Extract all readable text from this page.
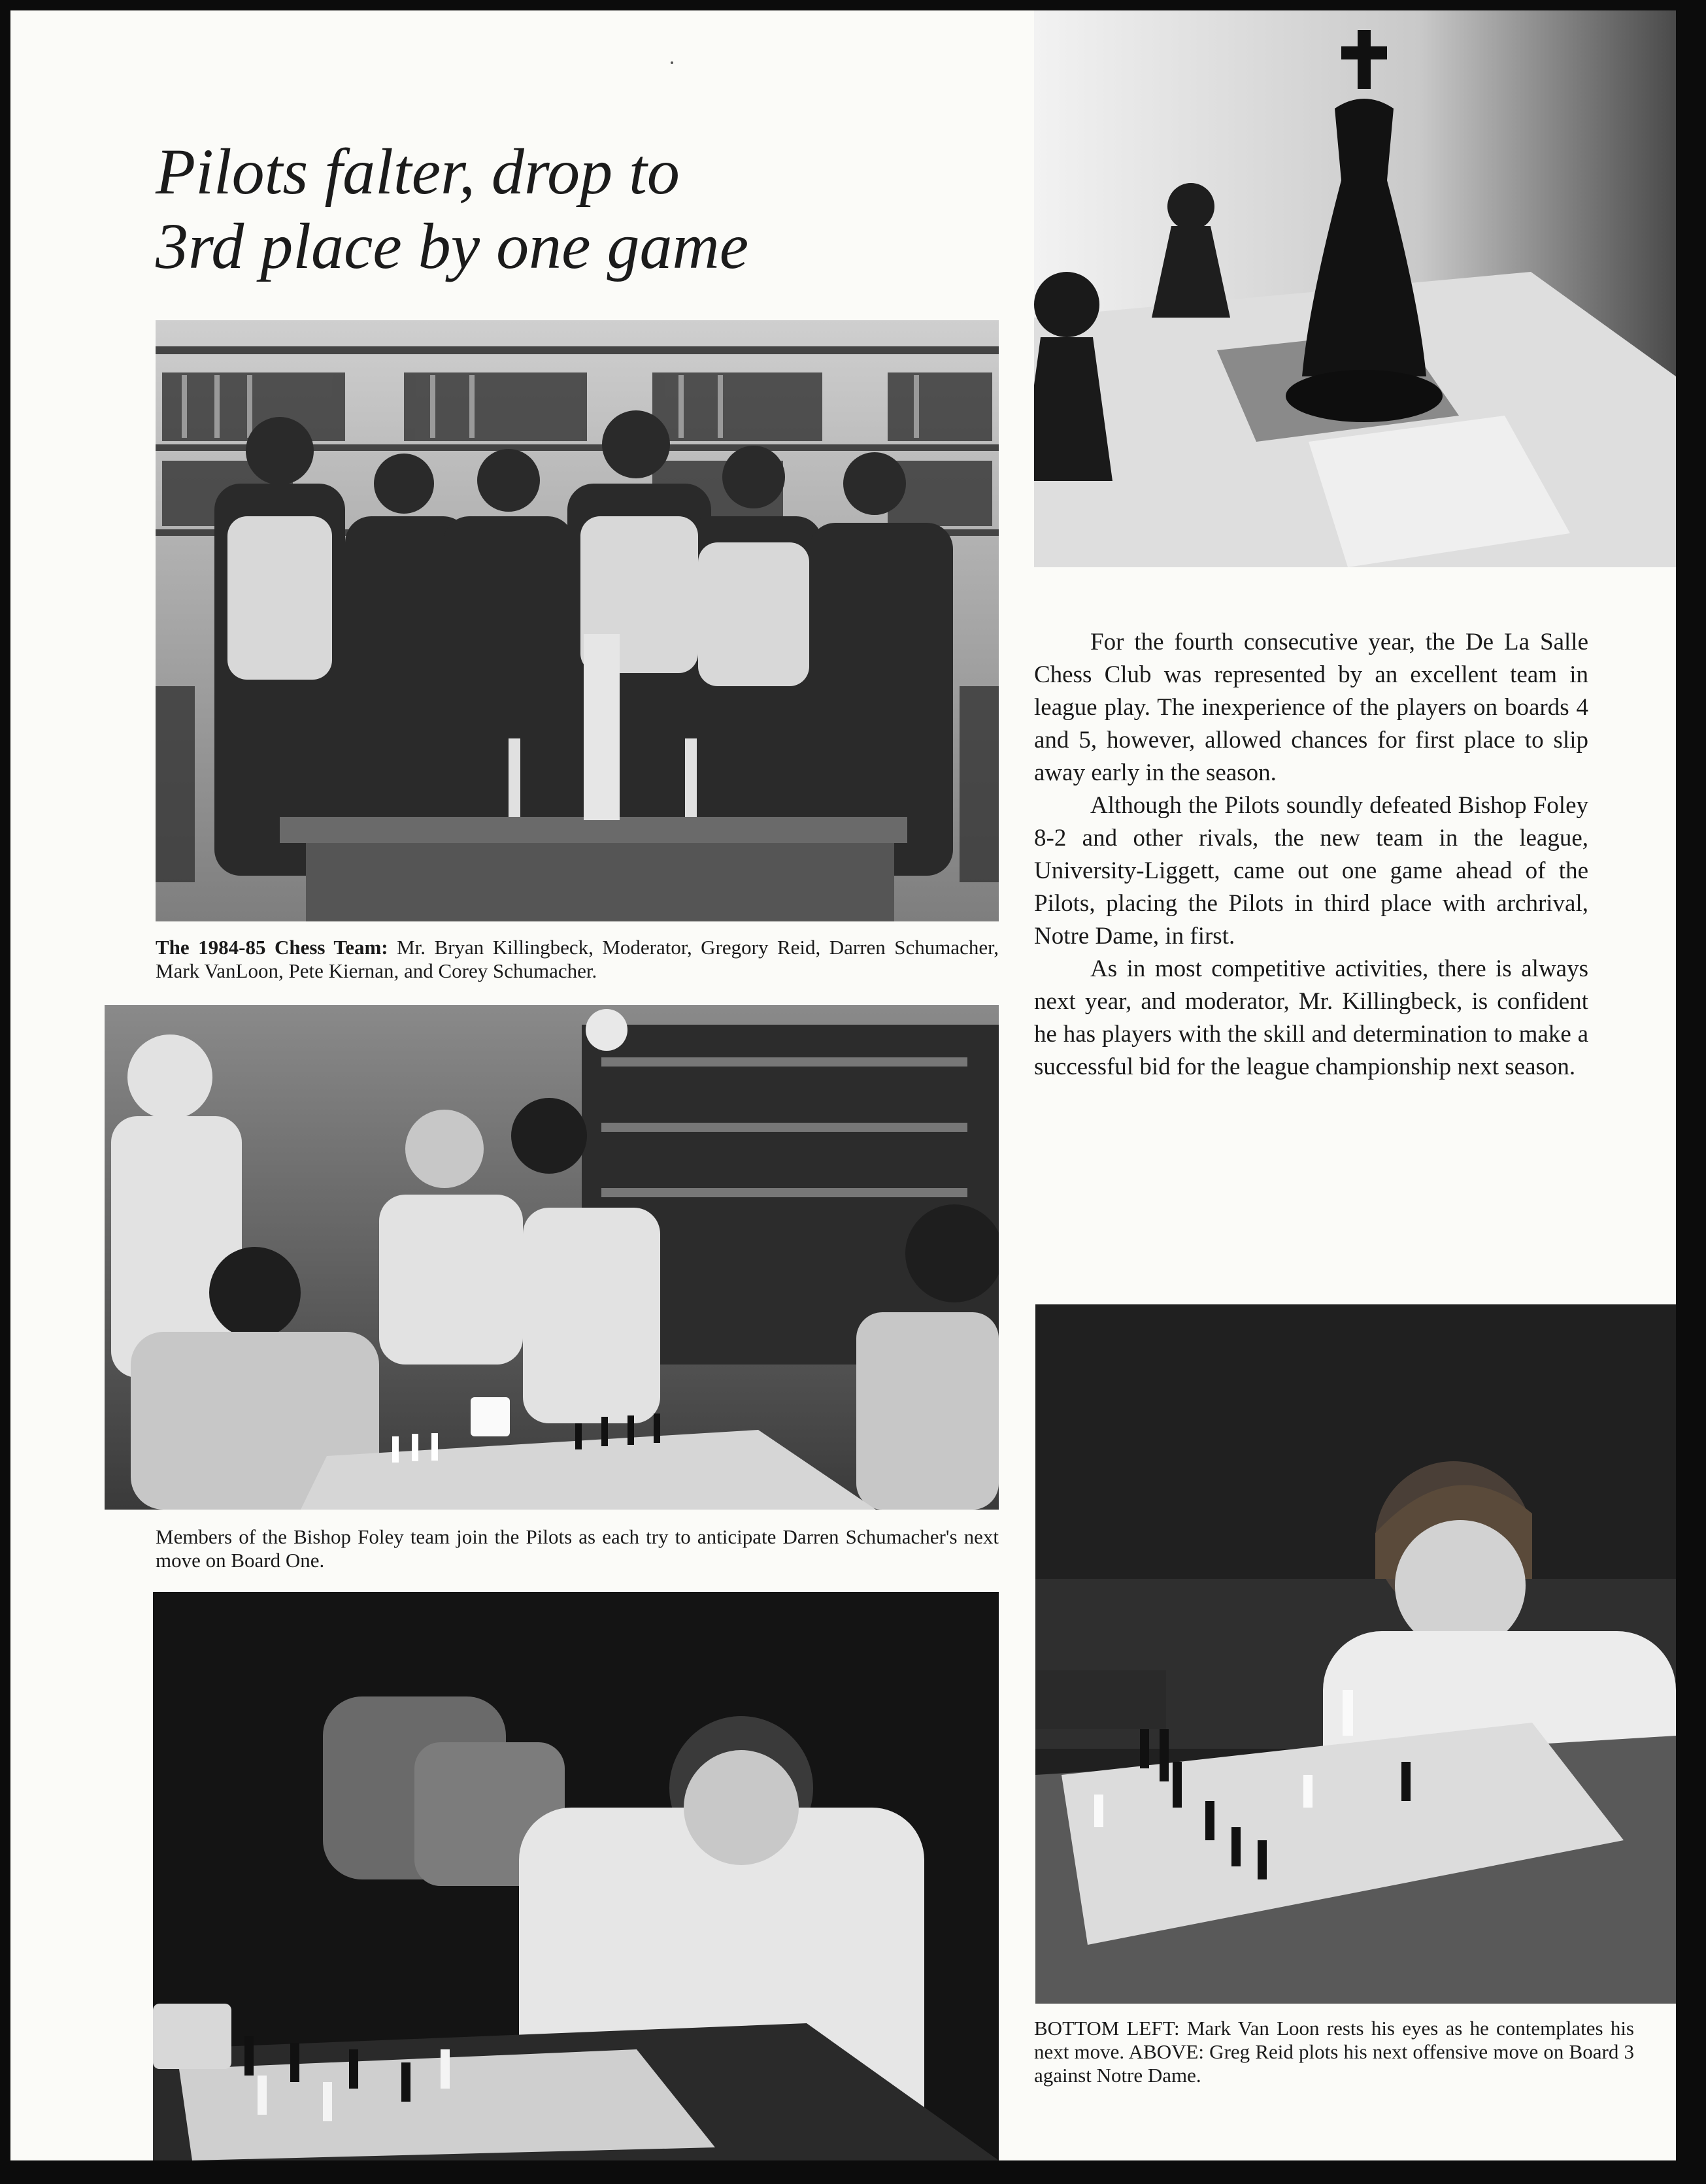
Pilots falter, drop to
3rd place by one game

The 1984-85 Chess Team: Mr. Bryan Killingbeck, Moderator, Gregory Reid, Darren Schumacher, Mark VanLoon, Pete Kiernan, and Corey Schumacher.

Members of the Bishop Foley team join the Pilots as each try to anticipate Darren Schumacher's next move on Board One.

For the fourth consecutive year, the De La Salle Chess Club was represented by an excellent team in league play. The inexperience of the players on boards 4 and 5, however, allowed chances for first place to slip away early in the season.

Although the Pilots soundly defeated Bishop Foley 8-2 and other rivals, the new team in the league, University-Liggett, came out one game ahead of the Pilots, placing the Pilots in third place with archrival, Notre Dame, in first.

As in most competitive activities, there is always next year, and moderator, Mr. Killingbeck, is confident he has players with the skill and determination to make a successful bid for the league championship next season.

BOTTOM LEFT: Mark Van Loon rests his eyes as he contemplates his next move. ABOVE: Greg Reid plots his next offensive move on Board 3 against Notre Dame.
